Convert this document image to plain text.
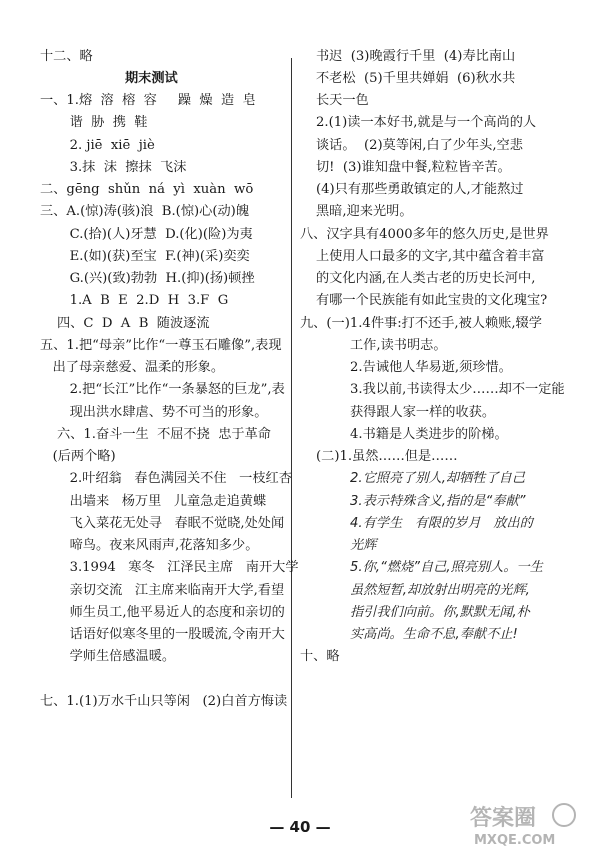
— 40 —	答案圈
MXQE.COM
十二、略
期末测试
一、1.熔  溶  榕  容     躁  燥  造  皂
谐  胁  携  鞋
2. jiē  xiē  jiè
3.抹  沫  擦抹  飞沫
二、gēng  shǔn  ná  yì  xuàn  wō
三、A.(惊)涛(骇)浪  B.(惊)心(动)魄
C.(拾)(人)牙慧  D.(化)(险)为夷
E.(如)(获)至宝  F.(神)(采)奕奕
G.(兴)(致)勃勃  H.(抑)(扬)顿挫
1.A  B  E  2.D  H  3.F  G
四、C  D  A  B  随波逐流
五、1.把“母亲”比作“一尊玉石雕像”,表现
出了母亲慈爱、温柔的形象。
2.把“长江”比作“一条暴怒的巨龙”,表
现出洪水肆虐、势不可当的形象。
六、1.奋斗一生  不屈不挠  忠于革命
(后两个略)
2.叶绍翁   春色满园关不住   一枝红杏
出墙来   杨万里   儿童急走追黄蝶
飞入菜花无处寻   春眠不觉晓,处处闻
啼鸟。夜来风雨声,花落知多少。
3.1994   寒冬   江泽民主席   南开大学
亲切交流   江主席来临南开大学,看望
师生员工,他平易近人的态度和亲切的
话语好似寒冬里的一股暖流,令南开大
学师生倍感温暖。
七、1.(1)万水千山只等闲   (2)白首方悔读
书迟  (3)晚霞行千里  (4)寿比南山
不老松  (5)千里共婵娟  (6)秋水共
长天一色
2.(1)读一本好书,就是与一个高尚的人
谈话。  (2)莫等闲,白了少年头,空悲
切!  (3)谁知盘中餐,粒粒皆辛苦。
(4)只有那些勇敢镇定的人,才能熬过
黑暗,迎来光明。
八、汉字具有4000多年的悠久历史,是世界
上使用人口最多的文字,其中蕴含着丰富
的文化内涵,在人类古老的历史长河中,
有哪一个民族能有如此宝贵的文化瑰宝?
九、(一)1.4件事:打不还手,被人赖账,辍学
工作,读书明志。
2.告诫他人华易逝,须珍惜。
3.我以前,书读得太少……却不一定能
获得跟人家一样的收获。
4.书籍是人类进步的阶梯。
(二)1.虽然……但是……
2.它照亮了别人,却牺牲了自己
3.表示特殊含义,指的是“奉献”
4.有学生   有限的岁月   放出的
光辉
5.你,“燃烧”自己,照亮别人。一生
虽然短暂,却放射出明亮的光辉,
指引我们向前。你,默默无闻,朴
实高尚。生命不息,奉献不止!
十、略
